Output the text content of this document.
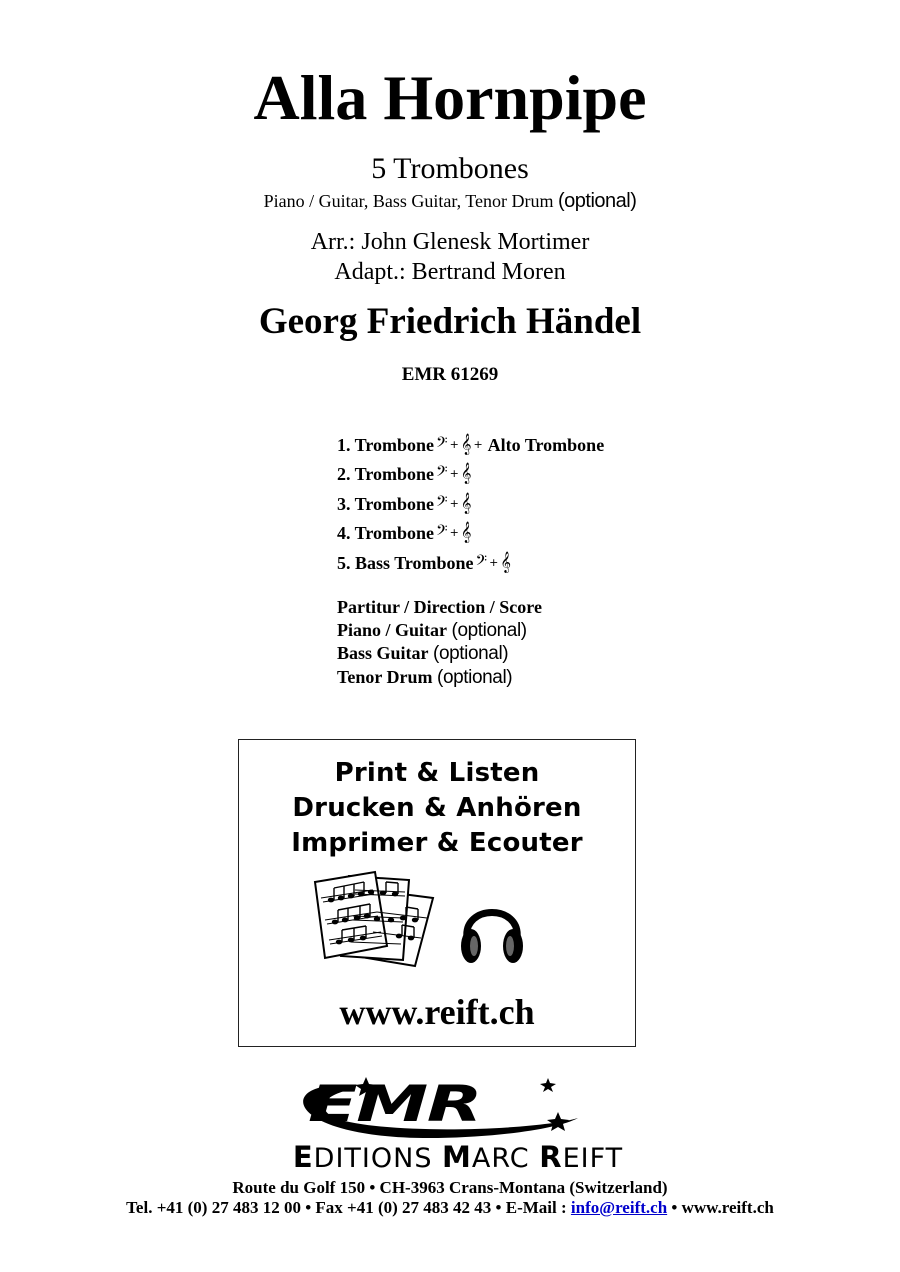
Alla Hornpipe
5 Trombones
Piano / Guitar, Bass Guitar, Tenor Drum (optional)
Arr.: John Glenesk Mortimer
Adapt.: Bertrand Moren
Georg Friedrich Händel
EMR 61269
1. Trombone 𝄢 + 𝄞 + Alto Trombone
2. Trombone 𝄢 + 𝄞
3. Trombone 𝄢 + 𝄞
4. Trombone 𝄢 + 𝄞
5. Bass Trombone 𝄢 + 𝄞
Partitur / Direction / Score
Piano / Guitar (optional)
Bass Guitar (optional)
Tenor Drum (optional)
Print & Listen
Drucken & Anhören
Imprimer & Ecouter
www.reift.ch
EMR
EDITIONS MARC REIFT
Route du Golf 150 • CH-3963 Crans-Montana (Switzerland)
Tel. +41 (0) 27 483 12 00 • Fax +41 (0) 27 483 42 43 • E-Mail : info@reift.ch • www.reift.ch
